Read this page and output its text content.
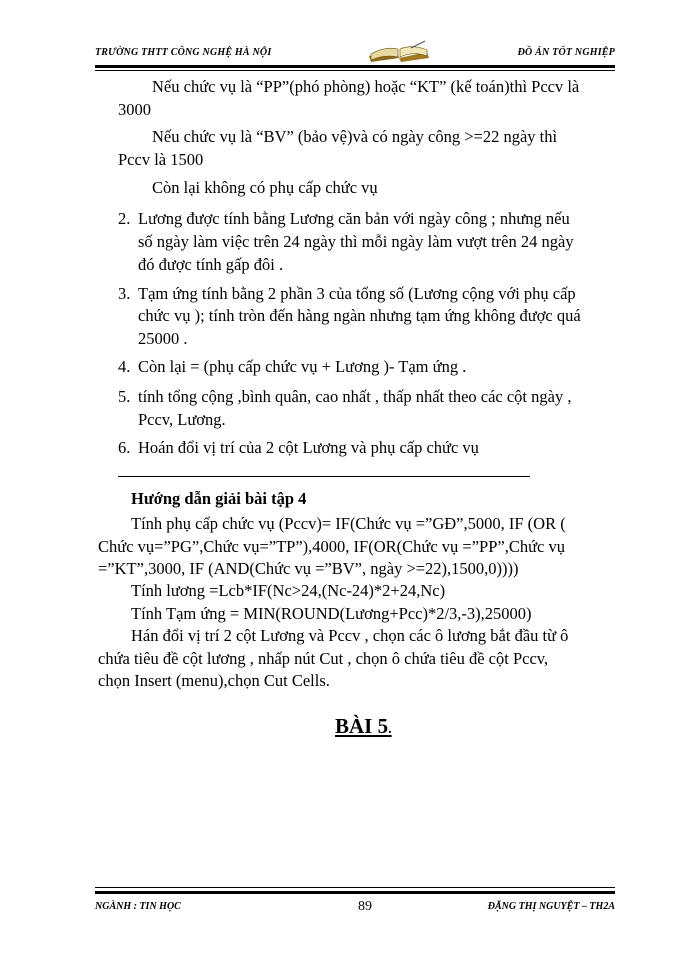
TRƯỜNG THTT CÔNG NGHỆ HÀ NỘI	ĐỒ ÁN TỐT NGHIỆP
Nếu chức vụ là “PP”(phó phòng) hoặc “KT” (kế toán)thì Pccv là
3000
Nếu chức vụ là “BV” (bảo vệ)và có ngày công >=22 ngày thì
Pccv là 1500
Còn lại không có phụ cấp chức vụ
2. Lương được tính bằng Lương căn bản với ngày công ; nhưng nếu
số ngày làm việc trên 24 ngày thì mỗi ngày làm vượt trên 24 ngày
đó được tính gấp đôi .
3. Tạm ứng tính bằng 2 phần 3 của tổng số (Lương cộng với phụ cấp
chức vụ ); tính tròn đến hàng ngàn nhưng tạm ứng không được quá
25000 .
4. Còn lại = (phụ cấp chức vụ + Lương )- Tạm ứng .
5. tính tổng cộng ,bình quân, cao nhất , thấp nhất theo các cột ngày ,
Pccv, Lương.
6. Hoán đổi vị trí của 2 cột Lương và phụ cấp chức vụ
Hướng dẫn giải bài tập 4
Tính phụ cấp chức vụ (Pccv)= IF(Chức vụ =”GĐ”,5000, IF (OR (
Chức vụ=”PG”,Chức vụ=”TP”),4000, IF(OR(Chức vụ =”PP”,Chức vụ
=”KT”,3000, IF (AND(Chức vụ =”BV”, ngày >=22),1500,0))))
Tính lương =Lcb*IF(Nc>24,(Nc-24)*2+24,Nc)
Tính Tạm ứng = MIN(ROUND(Lương+Pcc)*2/3,-3),25000)
Hán đổi vị trí 2 cột Lương và Pccv , chọn các ô lương bắt đầu từ ô
chứa tiêu đề cột lương , nhấp nút Cut , chọn ô chứa tiêu đề cột Pccv,
chọn Insert (menu),chọn Cut Cells.
BÀI 5.
NGÀNH : TIN HỌC	89	ĐẶNG THỊ NGUYỆT – TH2A
